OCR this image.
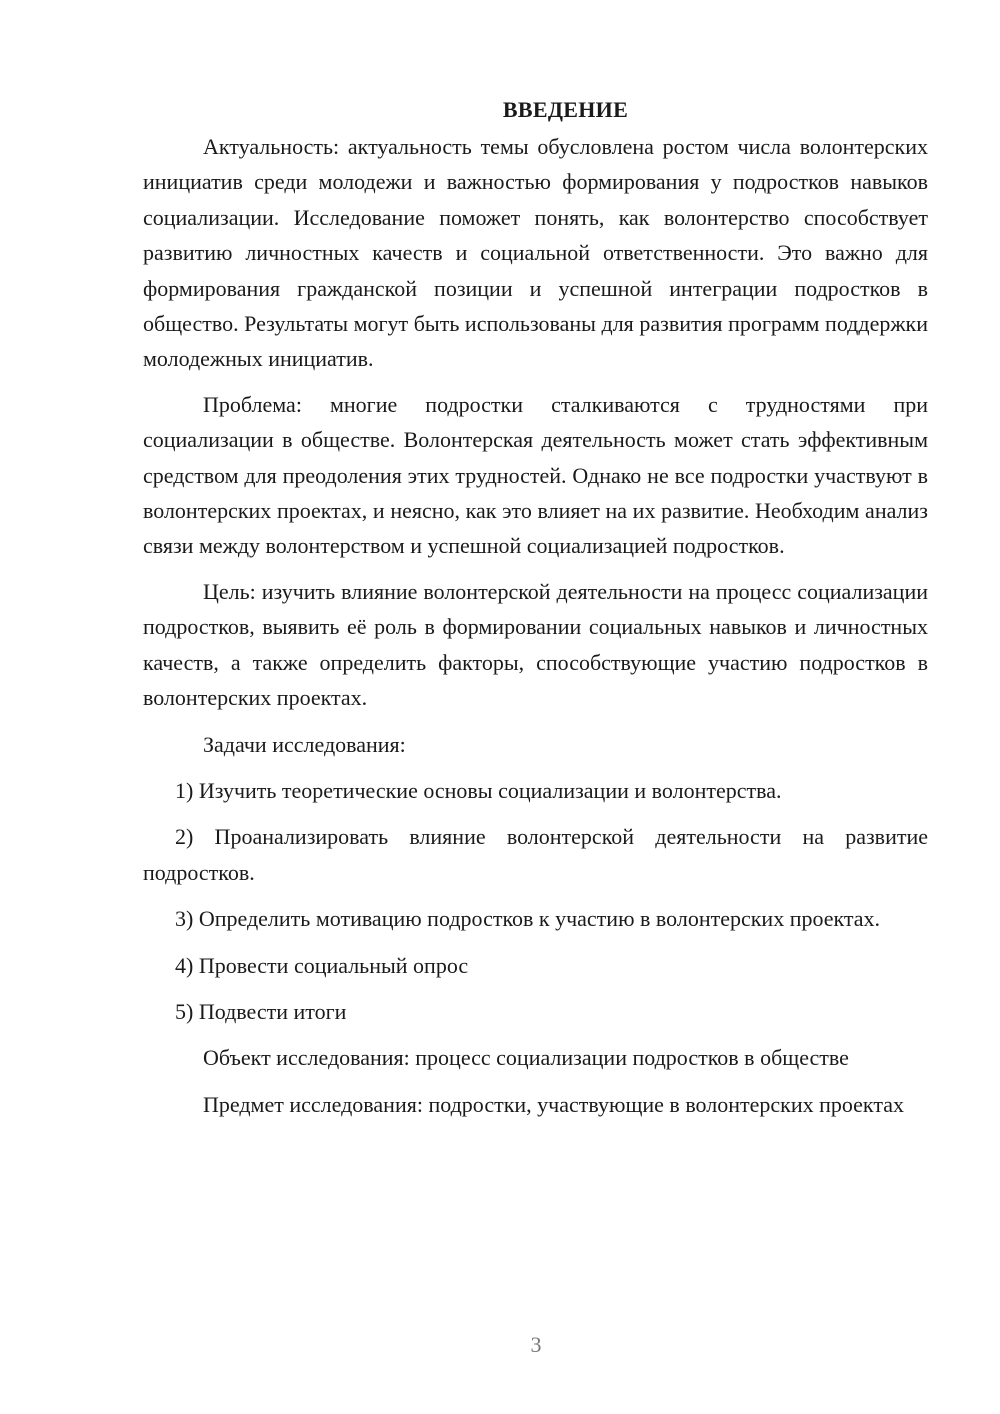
ВВЕДЕНИЕ

Актуальность: актуальность темы обусловлена ростом числа волонтерских инициатив среди молодежи и важностью формирования у подростков навыков социализации. Исследование поможет понять, как волонтерство способствует развитию личностных качеств и социальной ответственности. Это важно для формирования гражданской позиции и успешной интеграции подростков в общество. Результаты могут быть использованы для развития программ поддержки молодежных инициатив.

Проблема: многие подростки сталкиваются с трудностями при социализации в обществе. Волонтерская деятельность может стать эффективным средством для преодоления этих трудностей. Однако не все подростки участвуют в волонтерских проектах, и неясно, как это влияет на их развитие. Необходим анализ связи между волонтерством и успешной социализацией подростков.

Цель: изучить влияние волонтерской деятельности на процесс социализации подростков, выявить её роль в формировании социальных навыков и личностных качеств, а также определить факторы, способствующие участию подростков в волонтерских проектах.

Задачи исследования:

1) Изучить теоретические основы социализации и волонтерства.

2) Проанализировать влияние волонтерской деятельности на развитие подростков.

3) Определить мотивацию подростков к участию в волонтерских проектах.

4) Провести социальный опрос

5) Подвести итоги

Объект исследования: процесс социализации подростков в обществе

Предмет исследования: подростки, участвующие в волонтерских проектах

3
